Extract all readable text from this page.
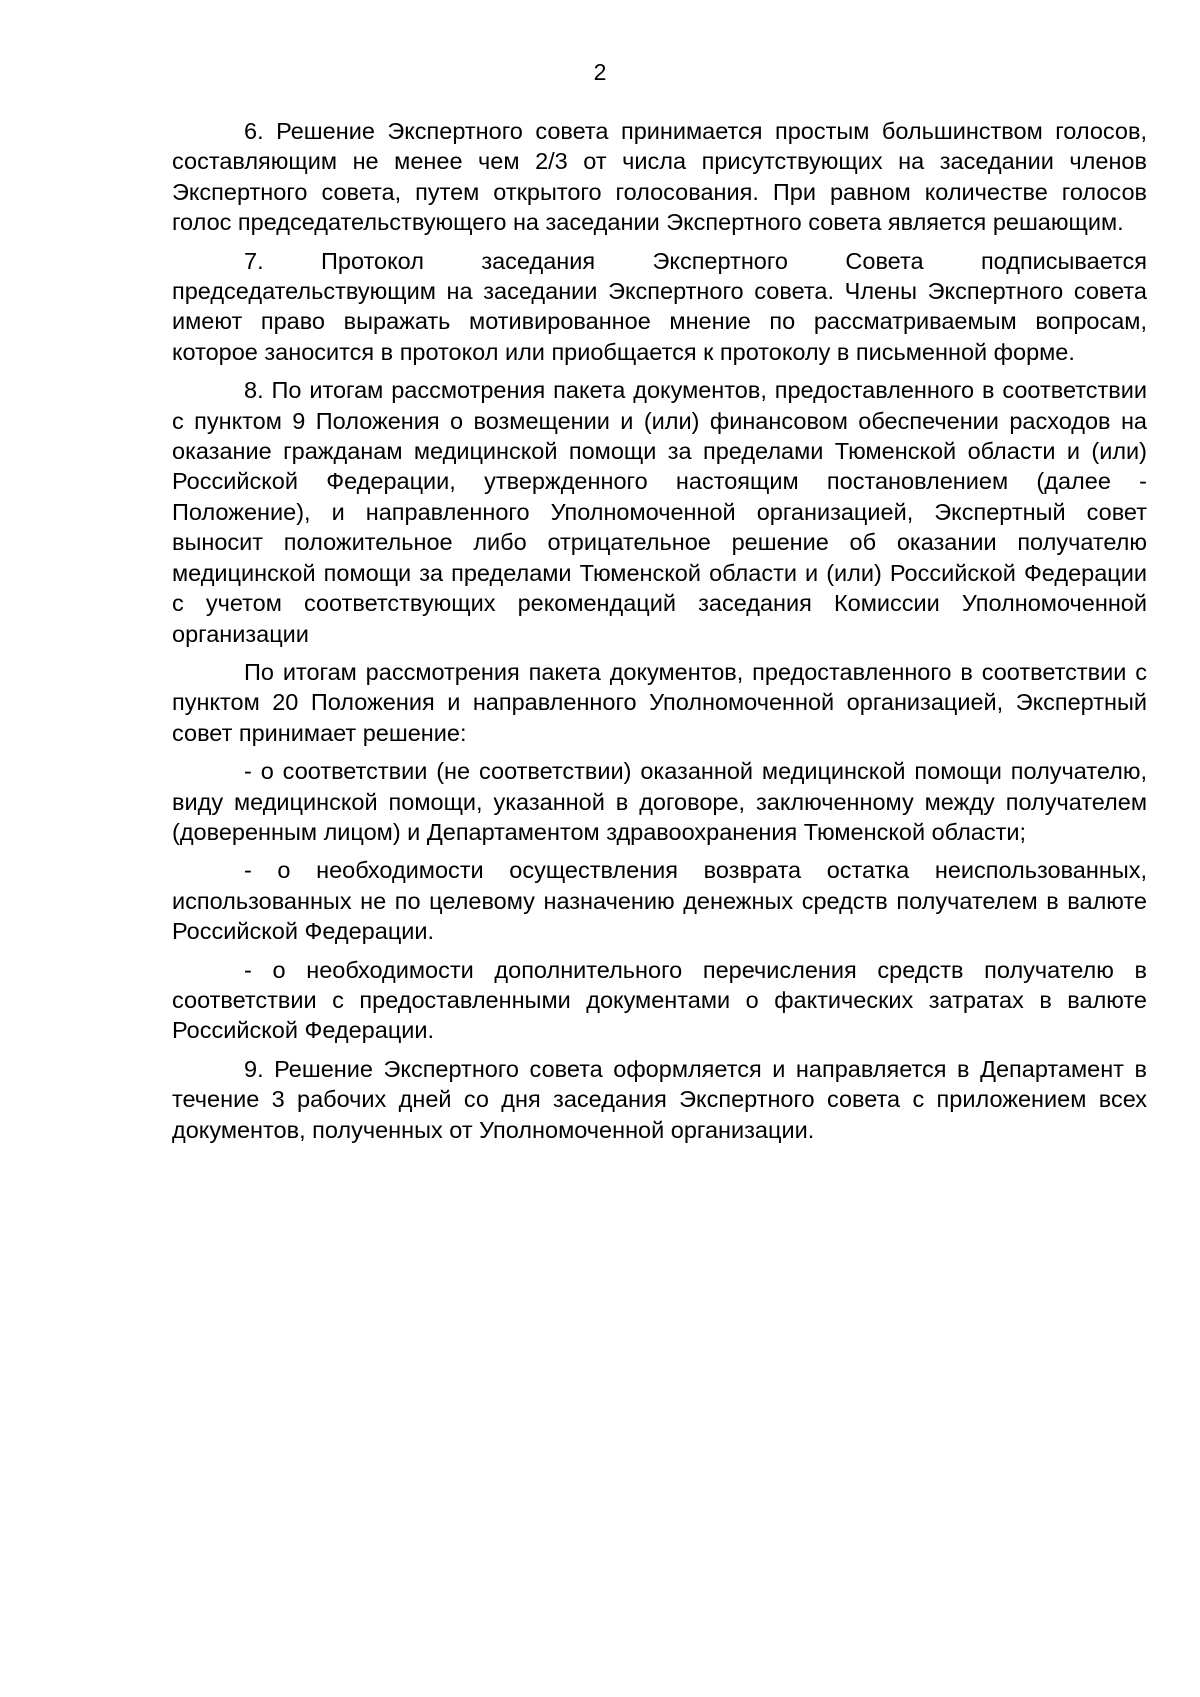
2

6. Решение Экспертного совета принимается простым большинством голосов, составляющим не менее чем 2/3 от числа присутствующих на заседании членов Экспертного совета, путем открытого голосования. При равном количестве голосов голос председательствующего на заседании Экспертного совета является решающим.

7. Протокол заседания Экспертного Совета подписывается председательствующим на заседании Экспертного совета. Члены Экспертного совета имеют право выражать мотивированное мнение по рассматриваемым вопросам, которое заносится в протокол или приобщается к протоколу в письменной форме.

8. По итогам рассмотрения пакета документов, предоставленного в соответствии с пунктом 9 Положения о возмещении и (или) финансовом обеспечении расходов на оказание гражданам медицинской помощи за пределами Тюменской области и (или) Российской Федерации, утвержденного настоящим постановлением (далее - Положение), и направленного Уполномоченной организацией, Экспертный совет выносит положительное либо отрицательное решение об оказании получателю медицинской помощи за пределами Тюменской области и (или) Российской Федерации с учетом соответствующих рекомендаций заседания Комиссии Уполномоченной организации

По итогам рассмотрения пакета документов, предоставленного в соответствии с пунктом 20 Положения и направленного Уполномоченной организацией, Экспертный совет принимает решение:

- о соответствии (не соответствии) оказанной медицинской помощи получателю, виду медицинской помощи, указанной в договоре, заключенному между получателем (доверенным лицом) и Департаментом здравоохранения Тюменской области;

- о необходимости осуществления возврата остатка неиспользованных, использованных не по целевому назначению денежных средств получателем в валюте Российской Федерации.

- о необходимости дополнительного перечисления средств получателю в соответствии с предоставленными документами о фактических затратах в валюте Российской Федерации.

9. Решение Экспертного совета оформляется и направляется в Департамент в течение 3 рабочих дней со дня заседания Экспертного совета с приложением всех документов, полученных от Уполномоченной организации.
